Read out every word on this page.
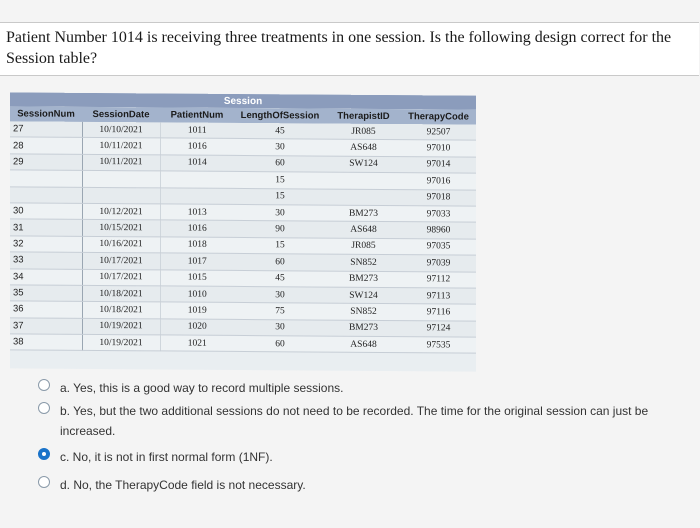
Patient Number 1014 is receiving three treatments in one session. Is the following design correct for the Session table?
Session					
SessionNum	SessionDate	PatientNum	LengthOfSession	TherapistID	TherapyCode
27	10/10/2021	1011	45	JR085	92507
28	10/11/2021	1016	30	AS648	97010
29	10/11/2021	1014	60	SW124	97014
			15		97016
			15		97018
30	10/12/2021	1013	30	BM273	97033
31	10/15/2021	1016	90	AS648	98960
32	10/16/2021	1018	15	JR085	97035
33	10/17/2021	1017	60	SN852	97039
34	10/17/2021	1015	45	BM273	97112
35	10/18/2021	1010	30	SW124	97113
36	10/18/2021	1019	75	SN852	97116
37	10/19/2021	1020	30	BM273	97124
38	10/19/2021	1021	60	AS648	97535
a. Yes, this is a good way to record multiple sessions.
b. Yes, but the two additional sessions do not need to be recorded. The time for the original session can just be increased.
c. No, it is not in first normal form (1NF).
d. No, the TherapyCode field is not necessary.
